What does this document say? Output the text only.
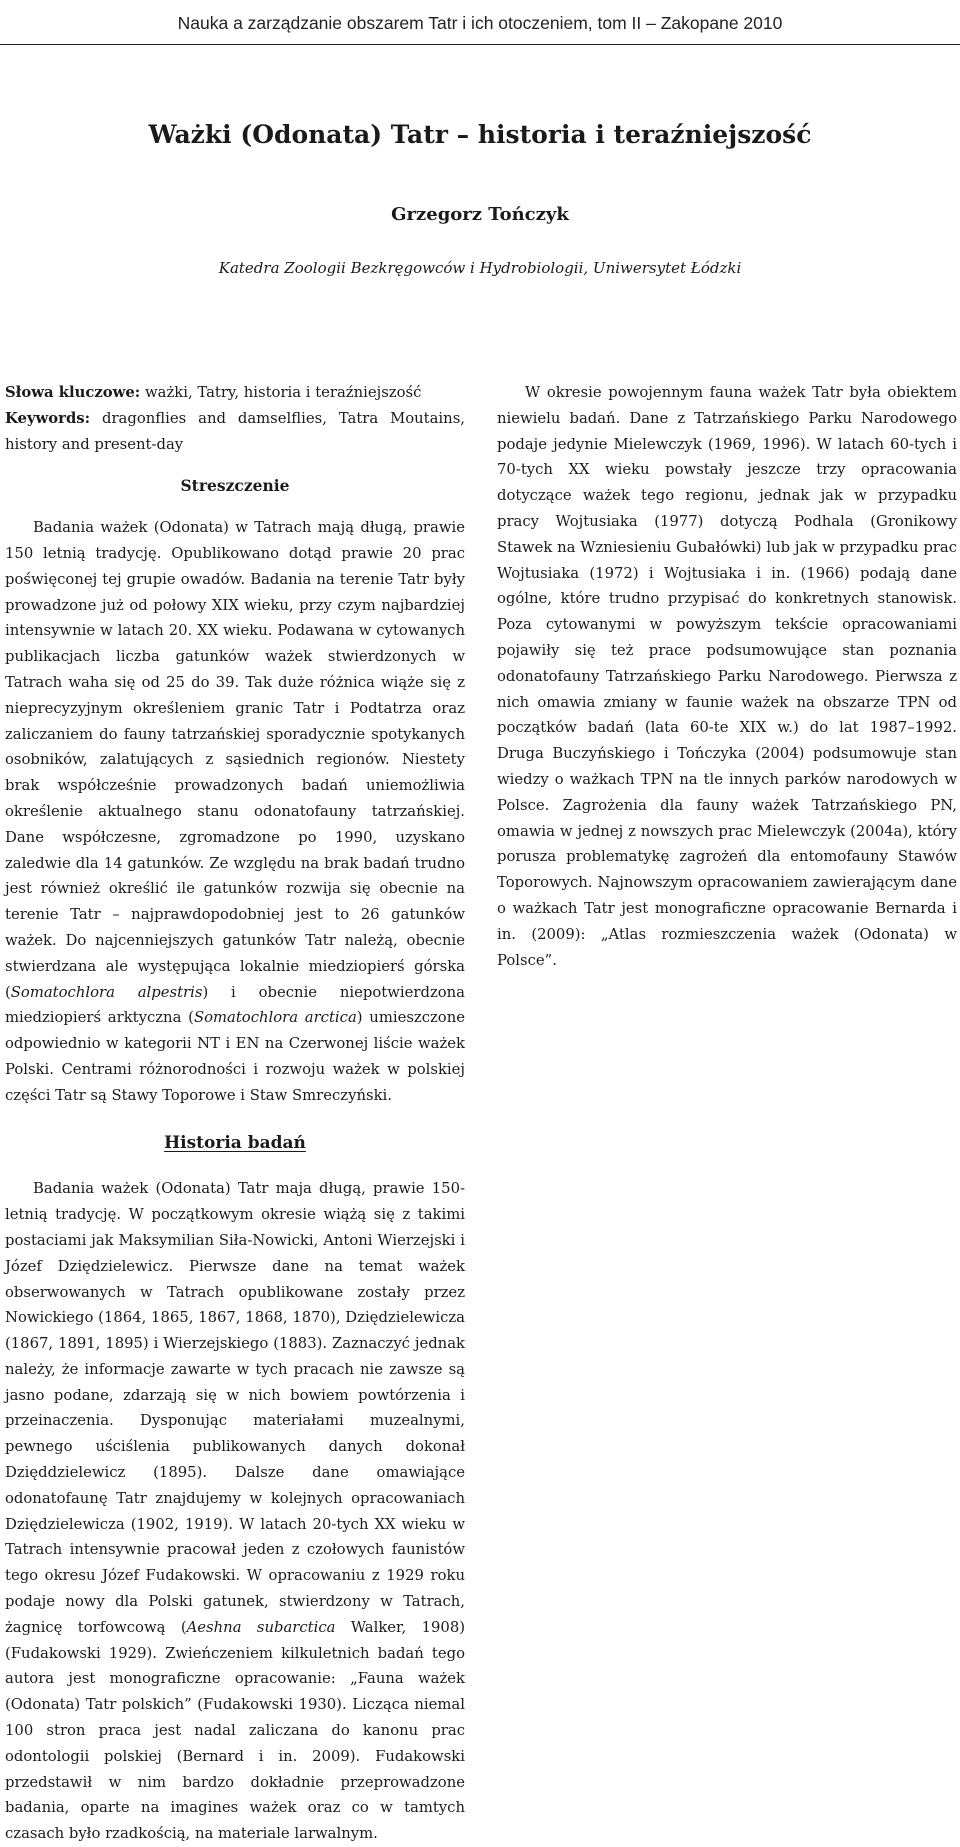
Nauka a zarządzanie obszarem Tatr i ich otoczeniem, tom II – Zakopane 2010
Ważki (Odonata) Tatr – historia i teraźniejszość
Grzegorz Tończyk
Katedra Zoologii Bezkręgowców i Hydrobiologii, Uniwersytet Łódzki

Słowa kluczowe: ważki, Tatry, historia i teraźniejszość

Keywords: dragonflies and damselflies, Tatra Moutains, history and present-day

Streszczenie

Badania ważek (Odonata) w Tatrach mają długą, prawie 150 letnią tradycję. Opublikowano dotąd prawie 20 prac poświęconej tej grupie owadów. Badania na terenie Tatr były prowadzone już od połowy XIX wieku, przy czym najbardziej intensywnie w latach 20. XX wieku. Podawana w cytowanych publikacjach liczba gatunków ważek stwierdzonych w Tatrach waha się od 25 do 39. Tak duże różnica wiąże się z nieprecyzyjnym określeniem granic Tatr i Podtatrza oraz zaliczaniem do fauny tatrzańskiej sporadycznie spotykanych osobników, zalatujących z sąsiednich regionów. Niestety brak współcześnie prowadzonych badań uniemożliwia określenie aktualnego stanu odonatofauny tatrzańskiej. Dane współczesne, zgromadzone po 1990, uzyskano zaledwie dla 14 gatunków. Ze względu na brak badań trudno jest również określić ile gatunków rozwija się obecnie na terenie Tatr – najprawdopodobniej jest to 26 gatunków ważek. Do najcenniejszych gatunków Tatr należą, obecnie stwierdzana ale występująca lokalnie miedziopierś górska (Somatochlora alpestris) i obecnie niepotwierdzona miedziopierś arktyczna (Somatochlora arctica) umieszczone odpowiednio w kategorii NT i EN na Czerwonej liście ważek Polski. Centrami różnorodności i rozwoju ważek w polskiej części Tatr są Stawy Toporowe i Staw Smreczyński.

Historia badań

Badania ważek (Odonata) Tatr maja długą, prawie 150-letnią tradycję. W początkowym okresie wiążą się z takimi postaciami jak Maksymilian Siła-Nowicki, Antoni Wierzejski i Józef Dziędzielewicz. Pierwsze dane na temat ważek obserwowanych w Tatrach opublikowane zostały przez Nowickiego (1864, 1865, 1867, 1868, 1870), Dziędzielewicza (1867, 1891, 1895) i Wierzejskiego (1883). Zaznaczyć jednak należy, że informacje zawarte w tych pracach nie zawsze są jasno podane, zdarzają się w nich bowiem powtórzenia i przeinaczenia. Dysponując materiałami muzealnymi, pewnego uściślenia publikowanych danych dokonał Dzięddzielewicz (1895). Dalsze dane omawiające odonatofaunę Tatr znajdujemy w kolejnych opracowaniach Dziędzielewicza (1902, 1919). W latach 20-tych XX wieku w Tatrach intensywnie pracował jeden z czołowych faunistów tego okresu Józef Fudakowski. W opracowaniu z 1929 roku podaje nowy dla Polski gatunek, stwierdzony w Tatrach, żagnicę torfowcową (Aeshna subarctica Walker, 1908) (Fudakowski 1929). Zwieńczeniem kilkuletnich badań tego autora jest monograficzne opracowanie: „Fauna ważek (Odonata) Tatr polskich” (Fudakowski 1930). Licząca niemal 100 stron praca jest nadal zaliczana do kanonu prac odontologii polskiej (Bernard i in. 2009). Fudakowski przedstawił w nim bardzo dokładnie przeprowadzone badania, oparte na imagines ważek oraz co w tamtych czasach było rzadkością, na materiale larwalnym.

W okresie powojennym fauna ważek Tatr była obiektem niewielu badań. Dane z Tatrzańskiego Parku Narodowego podaje jedynie Mielewczyk (1969, 1996). W latach 60-tych i 70-tych XX wieku powstały jeszcze trzy opracowania dotyczące ważek tego regionu, jednak jak w przypadku pracy Wojtusiaka (1977) dotyczą Podhala (Gronikowy Stawek na Wzniesieniu Gubałówki) lub jak w przypadku prac Wojtusiaka (1972) i Wojtusiaka i in. (1966) podają dane ogólne, które trudno przypisać do konkretnych stanowisk. Poza cytowanymi w powyższym tekście opracowaniami pojawiły się też prace podsumowujące stan poznania odonatofauny Tatrzańskiego Parku Narodowego. Pierwsza z nich omawia zmiany w faunie ważek na obszarze TPN od początków badań (lata 60-te XIX w.) do lat 1987–1992. Druga Buczyńskiego i Tończyka (2004) podsumowuje stan wiedzy o ważkach TPN na tle innych parków narodowych w Polsce. Zagrożenia dla fauny ważek Tatrzańskiego PN, omawia w jednej z nowszych prac Mielewczyk (2004a), który porusza problematykę zagrożeń dla entomofauny Stawów Toporowych. Najnowszym opracowaniem zawierającym dane o ważkach Tatr jest monograficzne opracowanie Bernarda i in. (2009): „Atlas rozmieszczenia ważek (Odonata) w Polsce”.
